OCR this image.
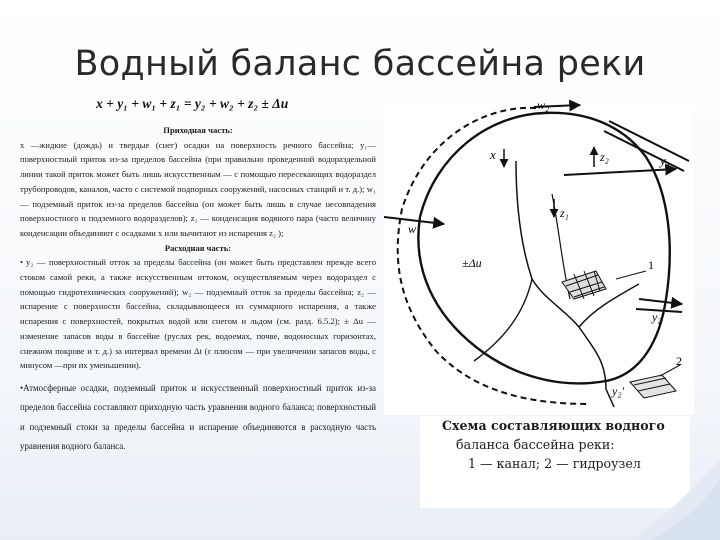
Водный баланс бассейна реки
x + y₁ + w₁ + z₁ = y₂ + w₂ + z₂ ± Δu

Приходная часть:

x —жидкие (дождь) и твердые (снег) осадки на поверхность речного бассейна; y₁— поверхностный приток из-за пределов бассейна (при правильно проведенной водораздельной линии такой приток может быть лишь искусственным — с помощью пересекающих водораздел трубопроводов, каналов, часто с системой подпорных сооружений, насосных станций и т. д.); w₁ — подземный приток из-за пределов бассейна (он может быть лишь в случае несовпадения поверхностного и подземного водоразделов); z₁ — конденсация водяного пара (часто величину конденсации объединяют с осадками x или вычитают из испарения z₂ );

Расходная часть:

• y₂ — поверхностный отток за пределы бассейна (он может быть представлен прежде всего стоком самой реки, а также искусственным оттоком, осуществляемым через водораздел с помощью гидротехнических сооружений); w₂ — подземный отток за пределы бассейна; z₂ — испарение с поверхности бассейна, складывающееся из суммарного испарения, а также испарения с поверхностей, покрытых водой или снегом и льдом (см. разд. 6.5.2); ± Δu — изменение запасов воды в бассейне (руслах рек, водоемах, почве, водоносных горизонтах, снежном покрове и т. д.) за интервал времени Δt (с плюсом — при увеличении запасов воды, с минусом —при их уменьшении).

•Атмосферные осадки, подземный приток и искусственный поверхностный приток из-за пределов бассейна составляют приходную часть уравнения водного баланса; поверхностный и подземный стоки за пределы бассейна и испарение объединяются в расходную часть уравнения водного баланса.

w₂
x	z₂	y₁
z₁
w₁
±Δu	1
y₂′
y₂′
2
Схема составляющих водного
баланса бассейна реки:
1 — канал; 2 — гидроузел
